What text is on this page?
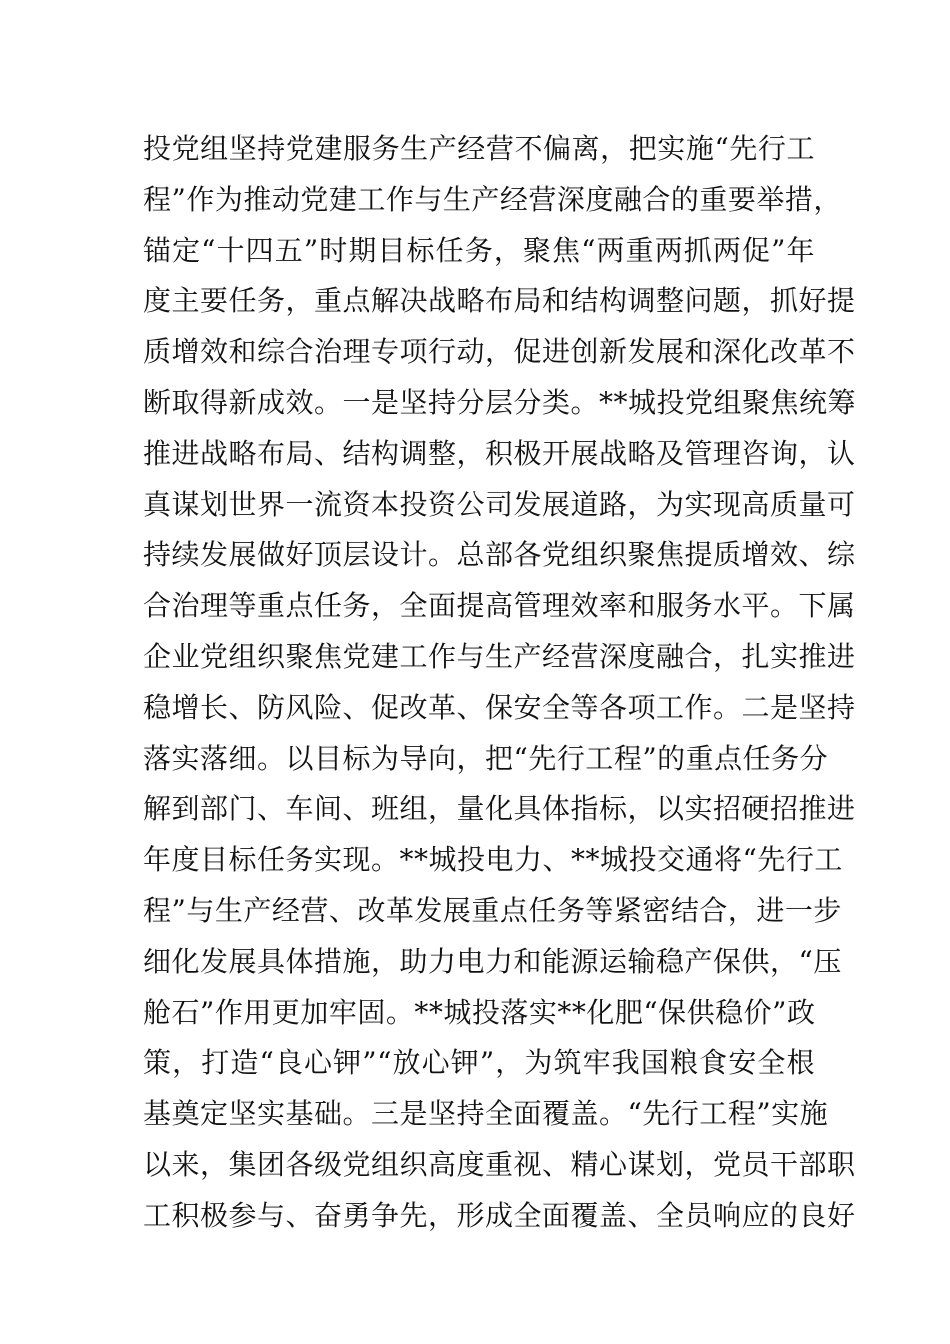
投党组坚持党建服务生产经营不偏离，把实施“先行工
程”作为推动党建工作与生产经营深度融合的重要举措，
锚定“十四五”时期目标任务，聚焦“两重两抓两促”年
度主要任务，重点解决战略布局和结构调整问题，抓好提
质增效和综合治理专项行动，促进创新发展和深化改革不
断取得新成效。一是坚持分层分类。**城投党组聚焦统筹
推进战略布局、结构调整，积极开展战略及管理咨询，认
真谋划世界一流资本投资公司发展道路，为实现高质量可
持续发展做好顶层设计。总部各党组织聚焦提质增效、综
合治理等重点任务，全面提高管理效率和服务水平。下属
企业党组织聚焦党建工作与生产经营深度融合，扎实推进
稳增长、防风险、促改革、保安全等各项工作。二是坚持
落实落细。以目标为导向，把“先行工程”的重点任务分
解到部门、车间、班组，量化具体指标，以实招硬招推进
年度目标任务实现。**城投电力、**城投交通将“先行工
程”与生产经营、改革发展重点任务等紧密结合，进一步
细化发展具体措施，助力电力和能源运输稳产保供，“压
舱石”作用更加牢固。**城投落实**化肥“保供稳价”政
策，打造“良心钾”“放心钾”，为筑牢我国粮食安全根
基奠定坚实基础。三是坚持全面覆盖。“先行工程”实施
以来，集团各级党组织高度重视、精心谋划，党员干部职
工积极参与、奋勇争先，形成全面覆盖、全员响应的良好
